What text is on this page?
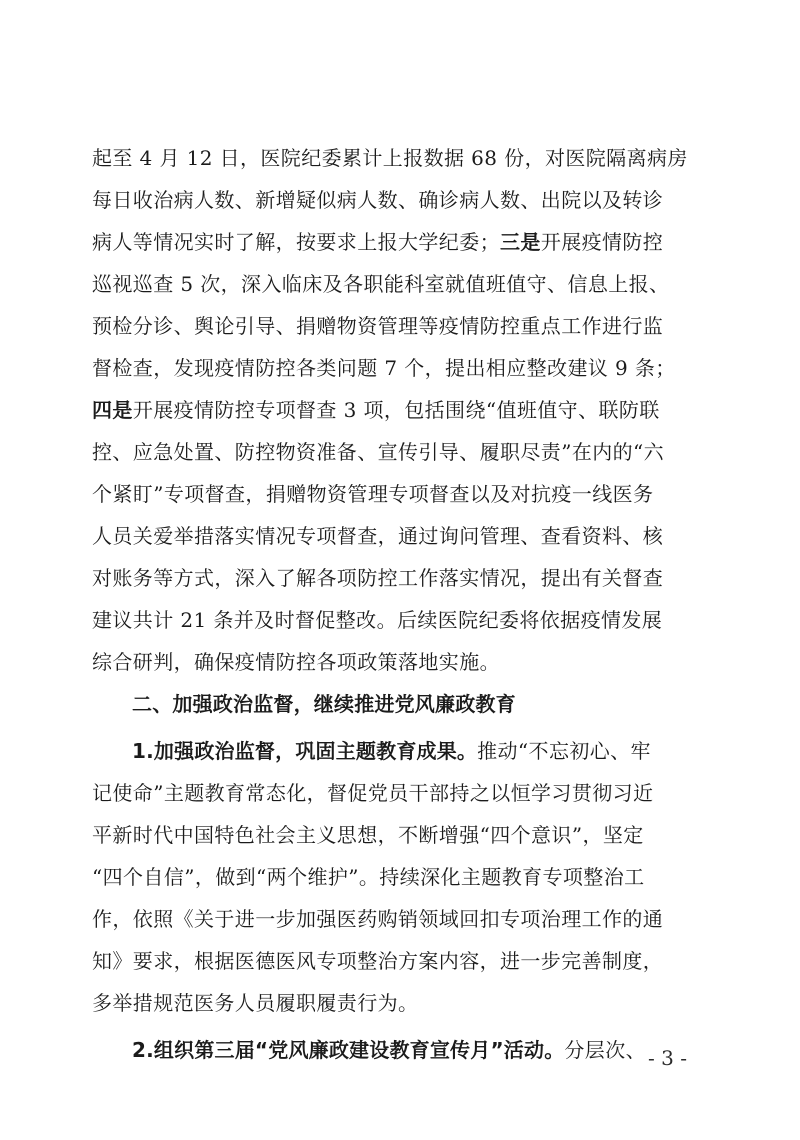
起至 4 月 12 日，医院纪委累计上报数据 68 份，对医院隔离病房
每日收治病人数、新增疑似病人数、确诊病人数、出院以及转诊
病人等情况实时了解，按要求上报大学纪委；三是开展疫情防控
巡视巡查 5 次，深入临床及各职能科室就值班值守、信息上报、
预检分诊、舆论引导、捐赠物资管理等疫情防控重点工作进行监
督检查，发现疫情防控各类问题 7 个，提出相应整改建议 9 条；
四是开展疫情防控专项督查 3 项，包括围绕“值班值守、联防联
控、应急处置、防控物资准备、宣传引导、履职尽责”在内的“六
个紧盯”专项督查，捐赠物资管理专项督查以及对抗疫一线医务
人员关爱举措落实情况专项督查，通过询问管理、查看资料、核
对账务等方式，深入了解各项防控工作落实情况，提出有关督查
建议共计 21 条并及时督促整改。后续医院纪委将依据疫情发展
综合研判，确保疫情防控各项政策落地实施。
二、加强政治监督，继续推进党风廉政教育
1.加强政治监督，巩固主题教育成果。推动“不忘初心、牢
记使命”主题教育常态化，督促党员干部持之以恒学习贯彻习近
平新时代中国特色社会主义思想，不断增强“四个意识”，坚定
“四个自信”，做到“两个维护”。持续深化主题教育专项整治工
作，依照《关于进一步加强医药购销领域回扣专项治理工作的通
知》要求，根据医德医风专项整治方案内容，进一步完善制度，
多举措规范医务人员履职履责行为。
2.组织第三届“党风廉政建设教育宣传月”活动。分层次、 - 3 -
